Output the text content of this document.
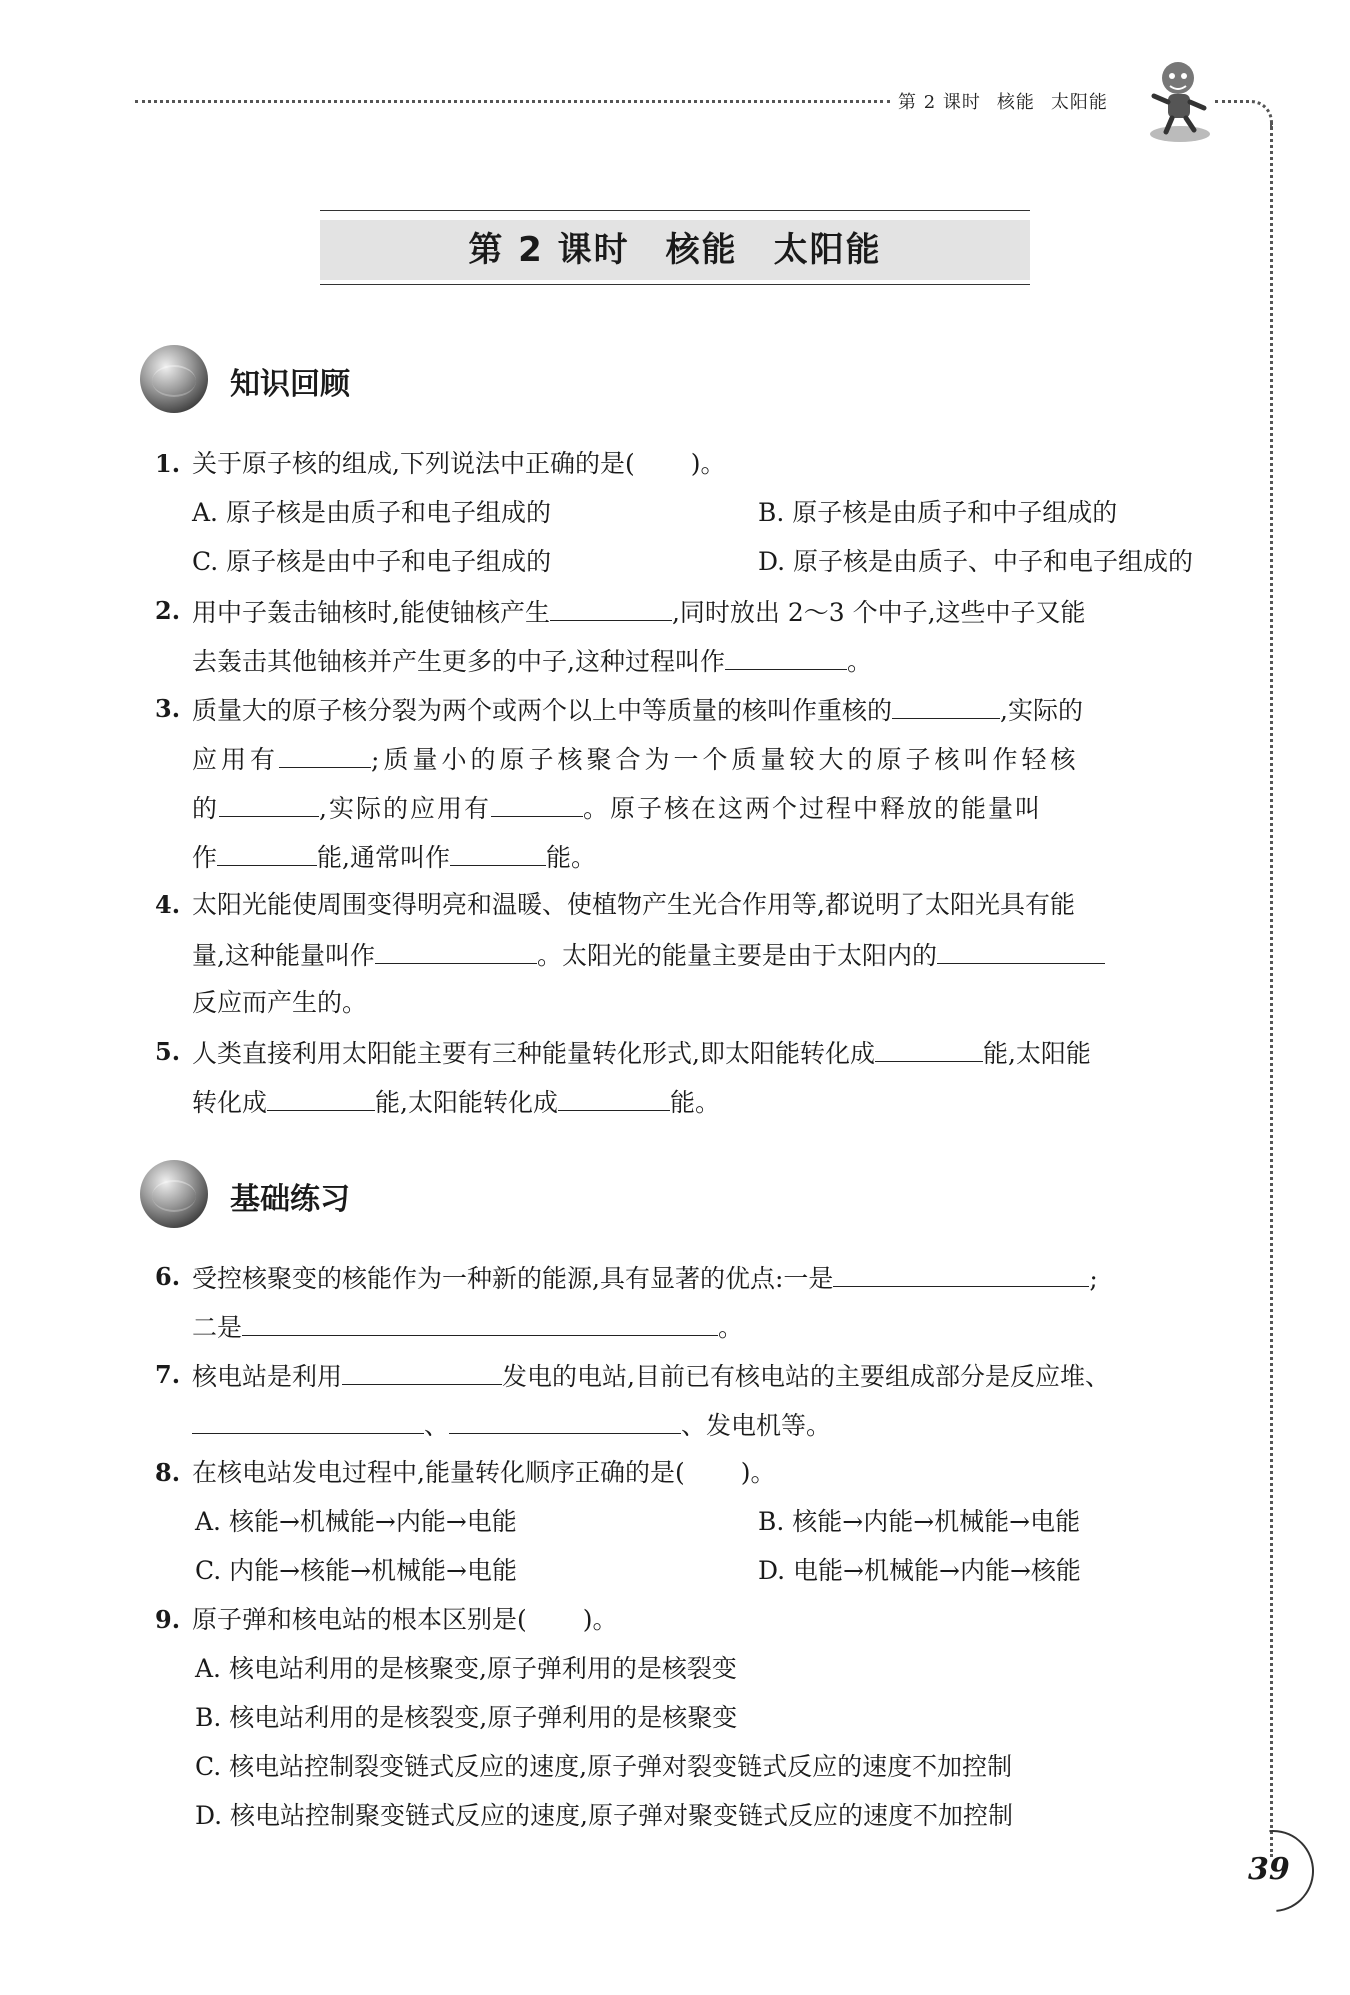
第 2 课时 核能 太阳能
第 2 课时 核能 太阳能
知识回顾
1. 关于原子核的组成,下列说法中正确的是( )。
A. 原子核是由质子和电子组成的	B. 原子核是由质子和中子组成的
C. 原子核是由中子和电子组成的	D. 原子核是由质子、中子和电子组成的
2. 用中子轰击铀核时,能使铀核产生	,同时放出 2～3 个中子,这些中子又能
去轰击其他铀核并产生更多的中子,这种过程叫作	。
3. 质量大的原子核分裂为两个或两个以上中等质量的核叫作重核的	,实际的
应用有	;质量小的原子核聚合为一个质量较大的原子核叫作轻核
的	,实际的应用有	。原子核在这两个过程中释放的能量叫
作	能,通常叫作	能。
4. 太阳光能使周围变得明亮和温暖、使植物产生光合作用等,都说明了太阳光具有能
量,这种能量叫作	。太阳光的能量主要是由于太阳内的
反应而产生的。
5. 人类直接利用太阳能主要有三种能量转化形式,即太阳能转化成	能,太阳能
转化成	能,太阳能转化成	能。
基础练习
6. 受控核聚变的核能作为一种新的能源,具有显著的优点:一是	;
二是	。
7. 核电站是利用	发电的电站,目前已有核电站的主要组成部分是反应堆、
、	、发电机等。
8. 在核电站发电过程中,能量转化顺序正确的是( )。
A. 核能→机械能→内能→电能	B. 核能→内能→机械能→电能
C. 内能→核能→机械能→电能	D. 电能→机械能→内能→核能
9. 原子弹和核电站的根本区别是( )。
A. 核电站利用的是核聚变,原子弹利用的是核裂变
B. 核电站利用的是核裂变,原子弹利用的是核聚变
C. 核电站控制裂变链式反应的速度,原子弹对裂变链式反应的速度不加控制
D. 核电站控制聚变链式反应的速度,原子弹对聚变链式反应的速度不加控制
39
